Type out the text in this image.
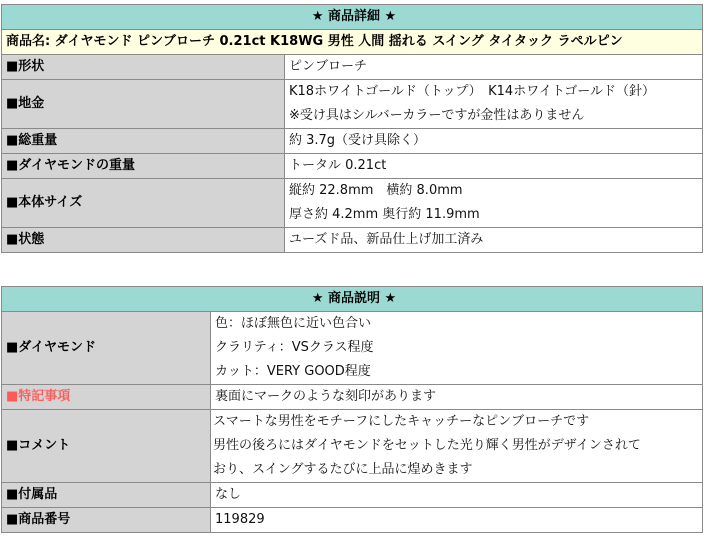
★ 商品詳細 ★	
商品名: ダイヤモンド ピンブローチ 0.21ct K18WG 男性 人間 揺れる スイング タイタック ラペルピン	
■形状	ピンブローチ

■地金	K18ホワイトゴールド（トップ）　K14ホワイトゴールド（針）
※受け具はシルバーカラーですが金性はありません

■総重量	約 3.7g（受け具除く）

■ダイヤモンドの重量	トータル 0.21ct

■本体サイズ	縦約 22.8mm　横約 8.0mm
厚さ約 4.2mm 奥行約 11.9mm

■状態	ユーズド品、新品仕上げ加工済み
★ 商品説明 ★	
■ダイヤモンド	色：ほぼ無色に近い色合い
クラリティ：VSクラス程度
カット：VERY GOOD程度

■特記事項	裏面にマークのような刻印があります

■コメント	スマートな男性をモチーフにしたキャッチーなピンブローチです
男性の後ろにはダイヤモンドをセットした光り輝く男性がデザインされて
おり、スイングするたびに上品に煌めきます

■付属品	なし

■商品番号	119829
